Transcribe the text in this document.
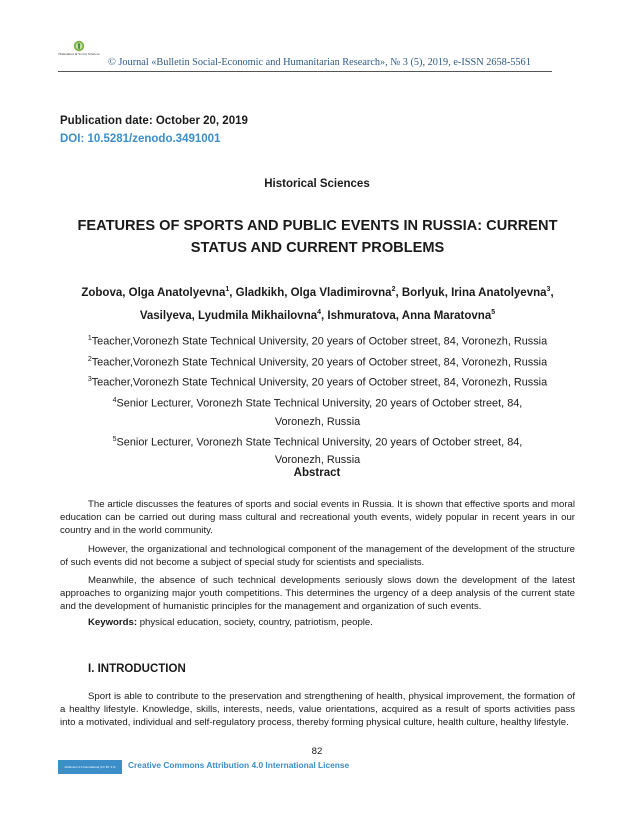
Humanities & Social Sciences
© Journal «Bulletin Social-Economic and Humanitarian Research», № 3 (5), 2019, e-ISSN 2658-5561
Publication date: October 20, 2019
DOI: 10.5281/zenodo.3491001
Historical Sciences
FEATURES OF SPORTS AND PUBLIC EVENTS IN RUSSIA: CURRENT STATUS AND CURRENT PROBLEMS
Zobova, Olga Anatolyevna$^1$, Gladkikh, Olga Vladimirovna$^2$, Borlyuk, Irina Anatolyevna$^3$, Vasilyeva, Lyudmila Mikhailovna$^4$, Ishmuratova, Anna Maratovna$^5$
$^1$Teacher,Voronezh State Technical University, 20 years of October street, 84, Voronezh, Russia
$^2$Teacher,Voronezh State Technical University, 20 years of October street, 84, Voronezh, Russia
$^3$Teacher,Voronezh State Technical University, 20 years of October street, 84, Voronezh, Russia
$^4$Senior Lecturer, Voronezh State Technical University, 20 years of October street, 84, Voronezh, Russia
$^5$Senior Lecturer, Voronezh State Technical University, 20 years of October street, 84, Voronezh, Russia
Abstract
The article discusses the features of sports and social events in Russia. It is shown that effective sports and moral education can be carried out during mass cultural and recreational youth events, widely popular in recent years in our country and in the world community.
However, the organizational and technological component of the management of the development of the structure of such events did not become a subject of special study for scientists and specialists.
Meanwhile, the absence of such technical developments seriously slows down the development of the latest approaches to organizing major youth competitions. This determines the urgency of a deep analysis of the current state and the development of humanistic principles for the management and organization of such events.
Keywords: physical education, society, country, patriotism, people.
I. INTRODUCTION
Sport is able to contribute to the preservation and strengthening of health, physical improvement, the formation of a healthy lifestyle. Knowledge, skills, interests, needs, value orientations, acquired as a result of sports activities pass into a motivated, individual and self-regulatory process, thereby forming physical culture, health culture, healthy lifestyle.
82
Attribution 4.0 International (CC BY 4.0)	Creative Commons Attribution 4.0 International License
